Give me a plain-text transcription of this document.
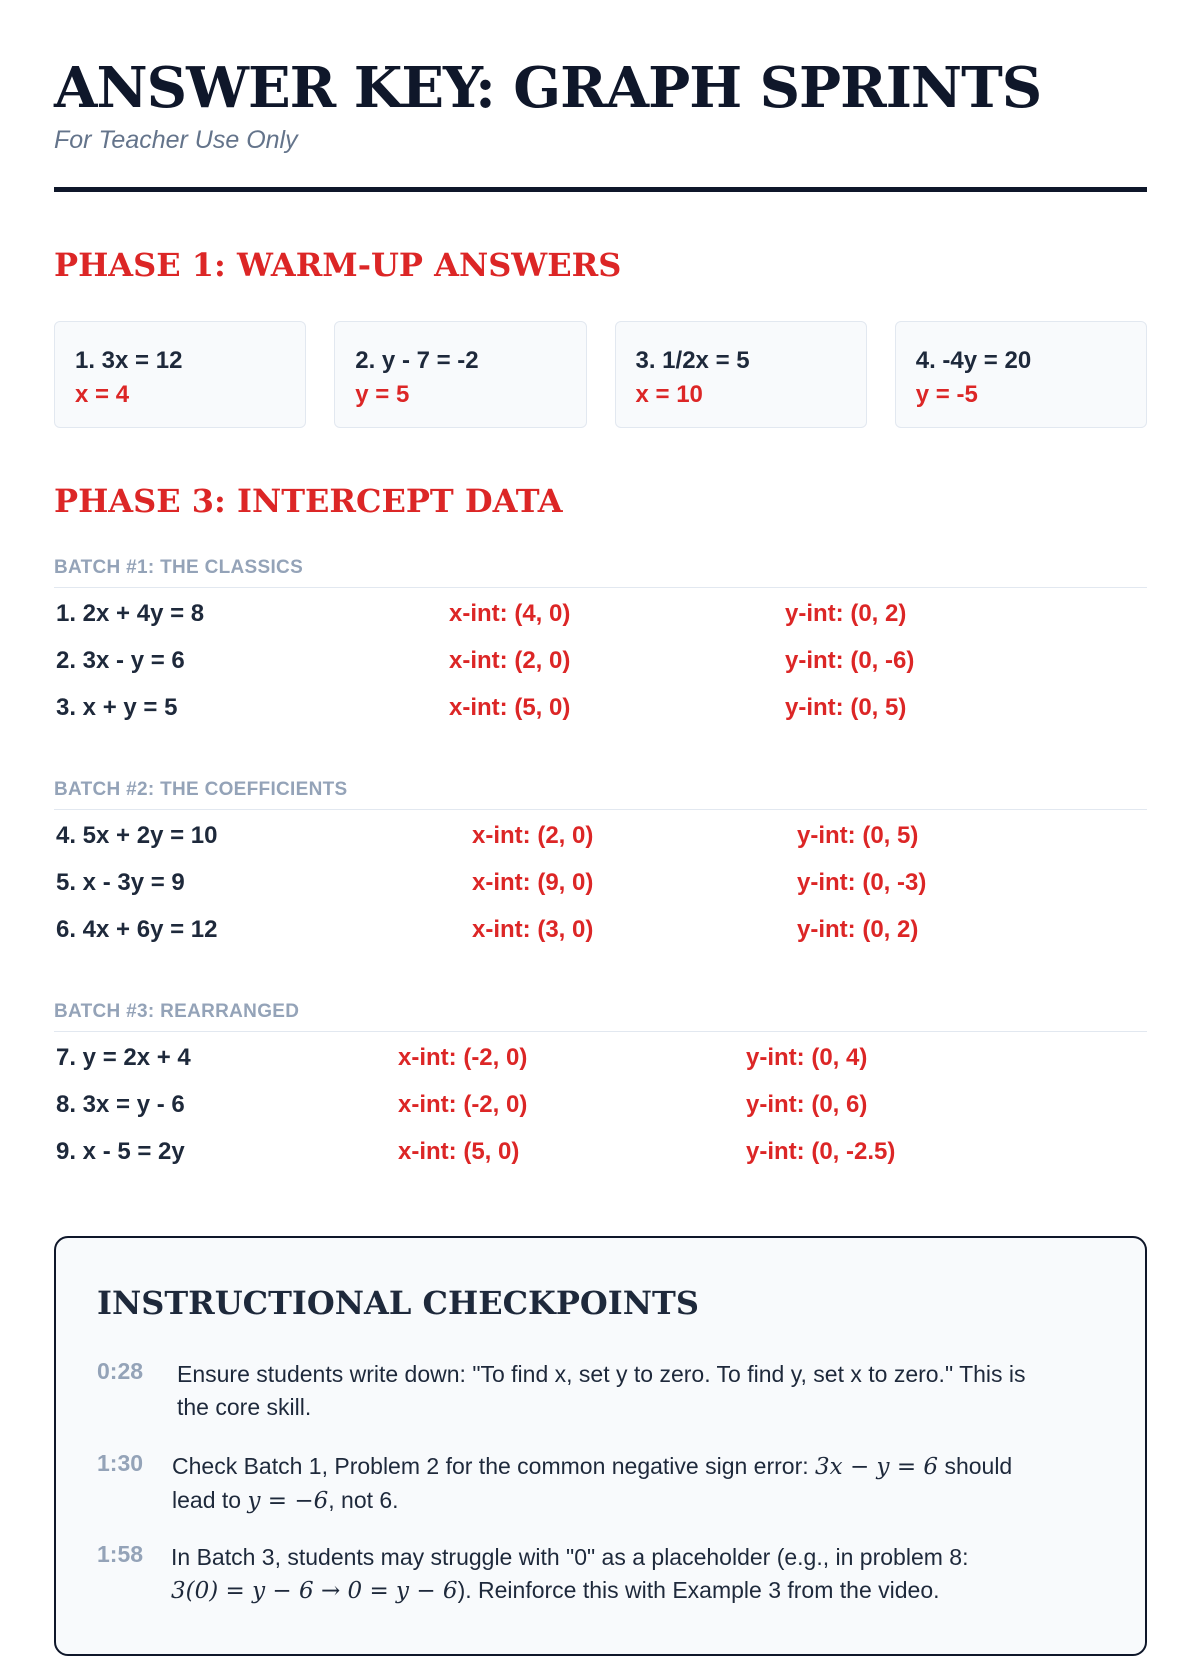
ANSWER KEY: GRAPH SPRINTS
For Teacher Use Only
PHASE 1: WARM-UP ANSWERS
1. 3x = 12
x = 4
2. y - 7 = -2
y = 5
3. 1/2x = 5
x = 10
4. -4y = 20
y = -5
PHASE 3: INTERCEPT DATA
BATCH #1: THE CLASSICS
1. 2x + 4y = 8	x-int: (4, 0)	y-int: (0, 2)
2. 3x - y = 6	x-int: (2, 0)	y-int: (0, -6)
3. x + y = 5	x-int: (5, 0)	y-int: (0, 5)
BATCH #2: THE COEFFICIENTS
4. 5x + 2y = 10	x-int: (2, 0)	y-int: (0, 5)
5. x - 3y = 9	x-int: (9, 0)	y-int: (0, -3)
6. 4x + 6y = 12	x-int: (3, 0)	y-int: (0, 2)
BATCH #3: REARRANGED
7. y = 2x + 4	x-int: (-2, 0)	y-int: (0, 4)
8. 3x = y - 6	x-int: (-2, 0)	y-int: (0, 6)
9. x - 5 = 2y	x-int: (5, 0)	y-int: (0, -2.5)
INSTRUCTIONAL CHECKPOINTS
0:28 Ensure students write down: "To find x, set y to zero. To find y, set x to zero." This is
the core skill.
1:30 Check Batch 1, Problem 2 for the common negative sign error: 3x − y = 6 should
lead to y = −6, not 6.
1:58 In Batch 3, students may struggle with "0" as a placeholder (e.g., in problem 8:
3(0) = y − 6 → 0 = y − 6). Reinforce this with Example 3 from the video.
